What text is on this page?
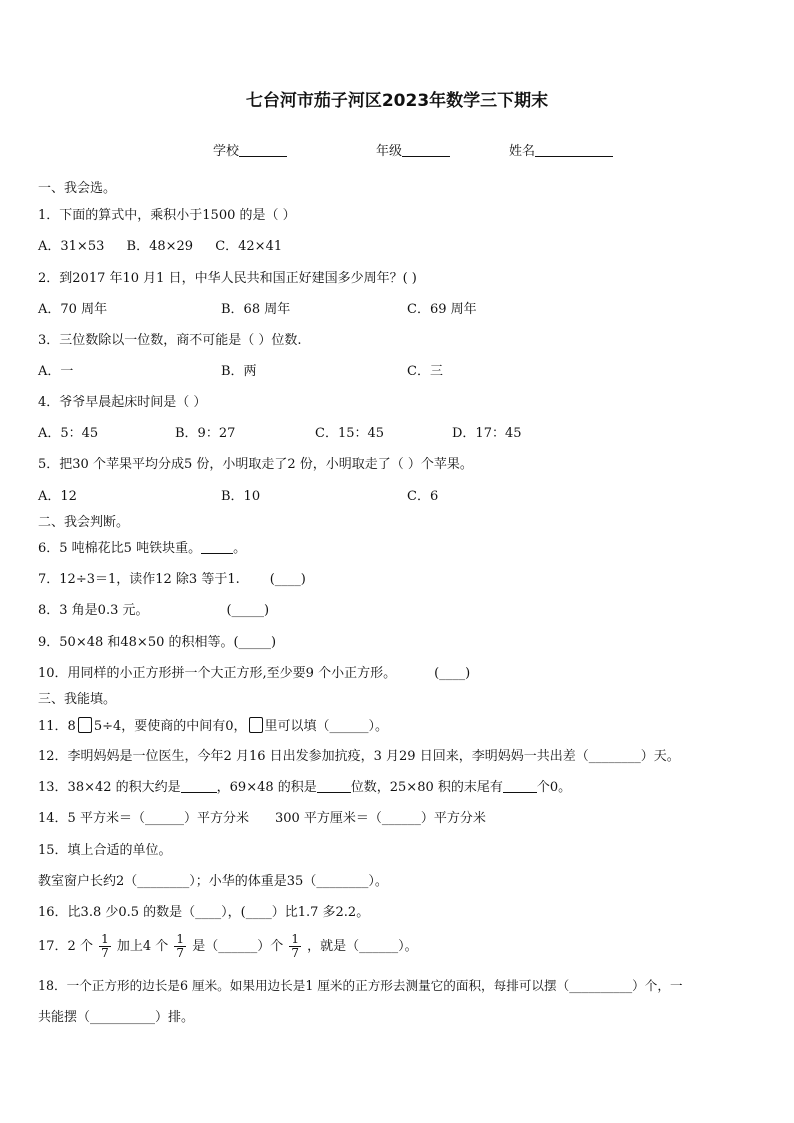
七台河市茄子河区2023年数学三下期末
学校	年级	姓名
一、我会选。
1．下面的算式中，乘积小于1500 的是（ ）
A．31×53 B．48×29 C．42×41
2．到2017 年10 月1 日，中华人民共和国正好建国多少周年？( )
A．70 周年	B．68 周年	C．69 周年
3．三位数除以一位数，商不可能是（ ）位数.
A．一	B．两	C．三
4．爷爷早晨起床时间是（ ）
A．5：45	B．9：27	C．15：45	D．17：45
5．把30 个苹果平均分成5 份，小明取走了2 份，小明取走了（ ）个苹果。
A．12	B．10	C．6
二、我会判断。
6．5 吨棉花比5 吨铁块重。 。
7．12÷3＝1，读作12 除3 等于1. (____)
8．3 角是0.3 元。	(_____)
9．50×48 和48×50 的积相等。(_____)
10．用同样的小正方形拼一个大正方形,至少要9 个小正方形。	(____)
三、我能填。
11．8 5÷4，要使商的中间有0， 里可以填（______）。
12．李明妈妈是一位医生，今年2 月16 日出发参加抗疫，3 月29 日回来，李明妈妈一共出差（________）天。
13．38×42 的积大约是	，69×48 的积是	位数，25×80 积的末尾有	个0。
14．5 平方米＝（______）平方分米 300 平方厘米＝（______）平方分米
15．填上合适的单位。
教室窗户长约2（________）；小华的体重是35（________）。
16．比3.8 少0.5 的数是（____），(____）比1.7 多2.2。
17．2 个 $\frac{1}{7}$ 加上4 个 $\frac{1}{7}$ 是（______）个 $\frac{1}{7}$ ，就是（______）。
18．一个正方形的边长是6 厘米。如果用边长是1 厘米的正方形去测量它的面积，每排可以摆（__________）个，一
共能摆（__________）排。
